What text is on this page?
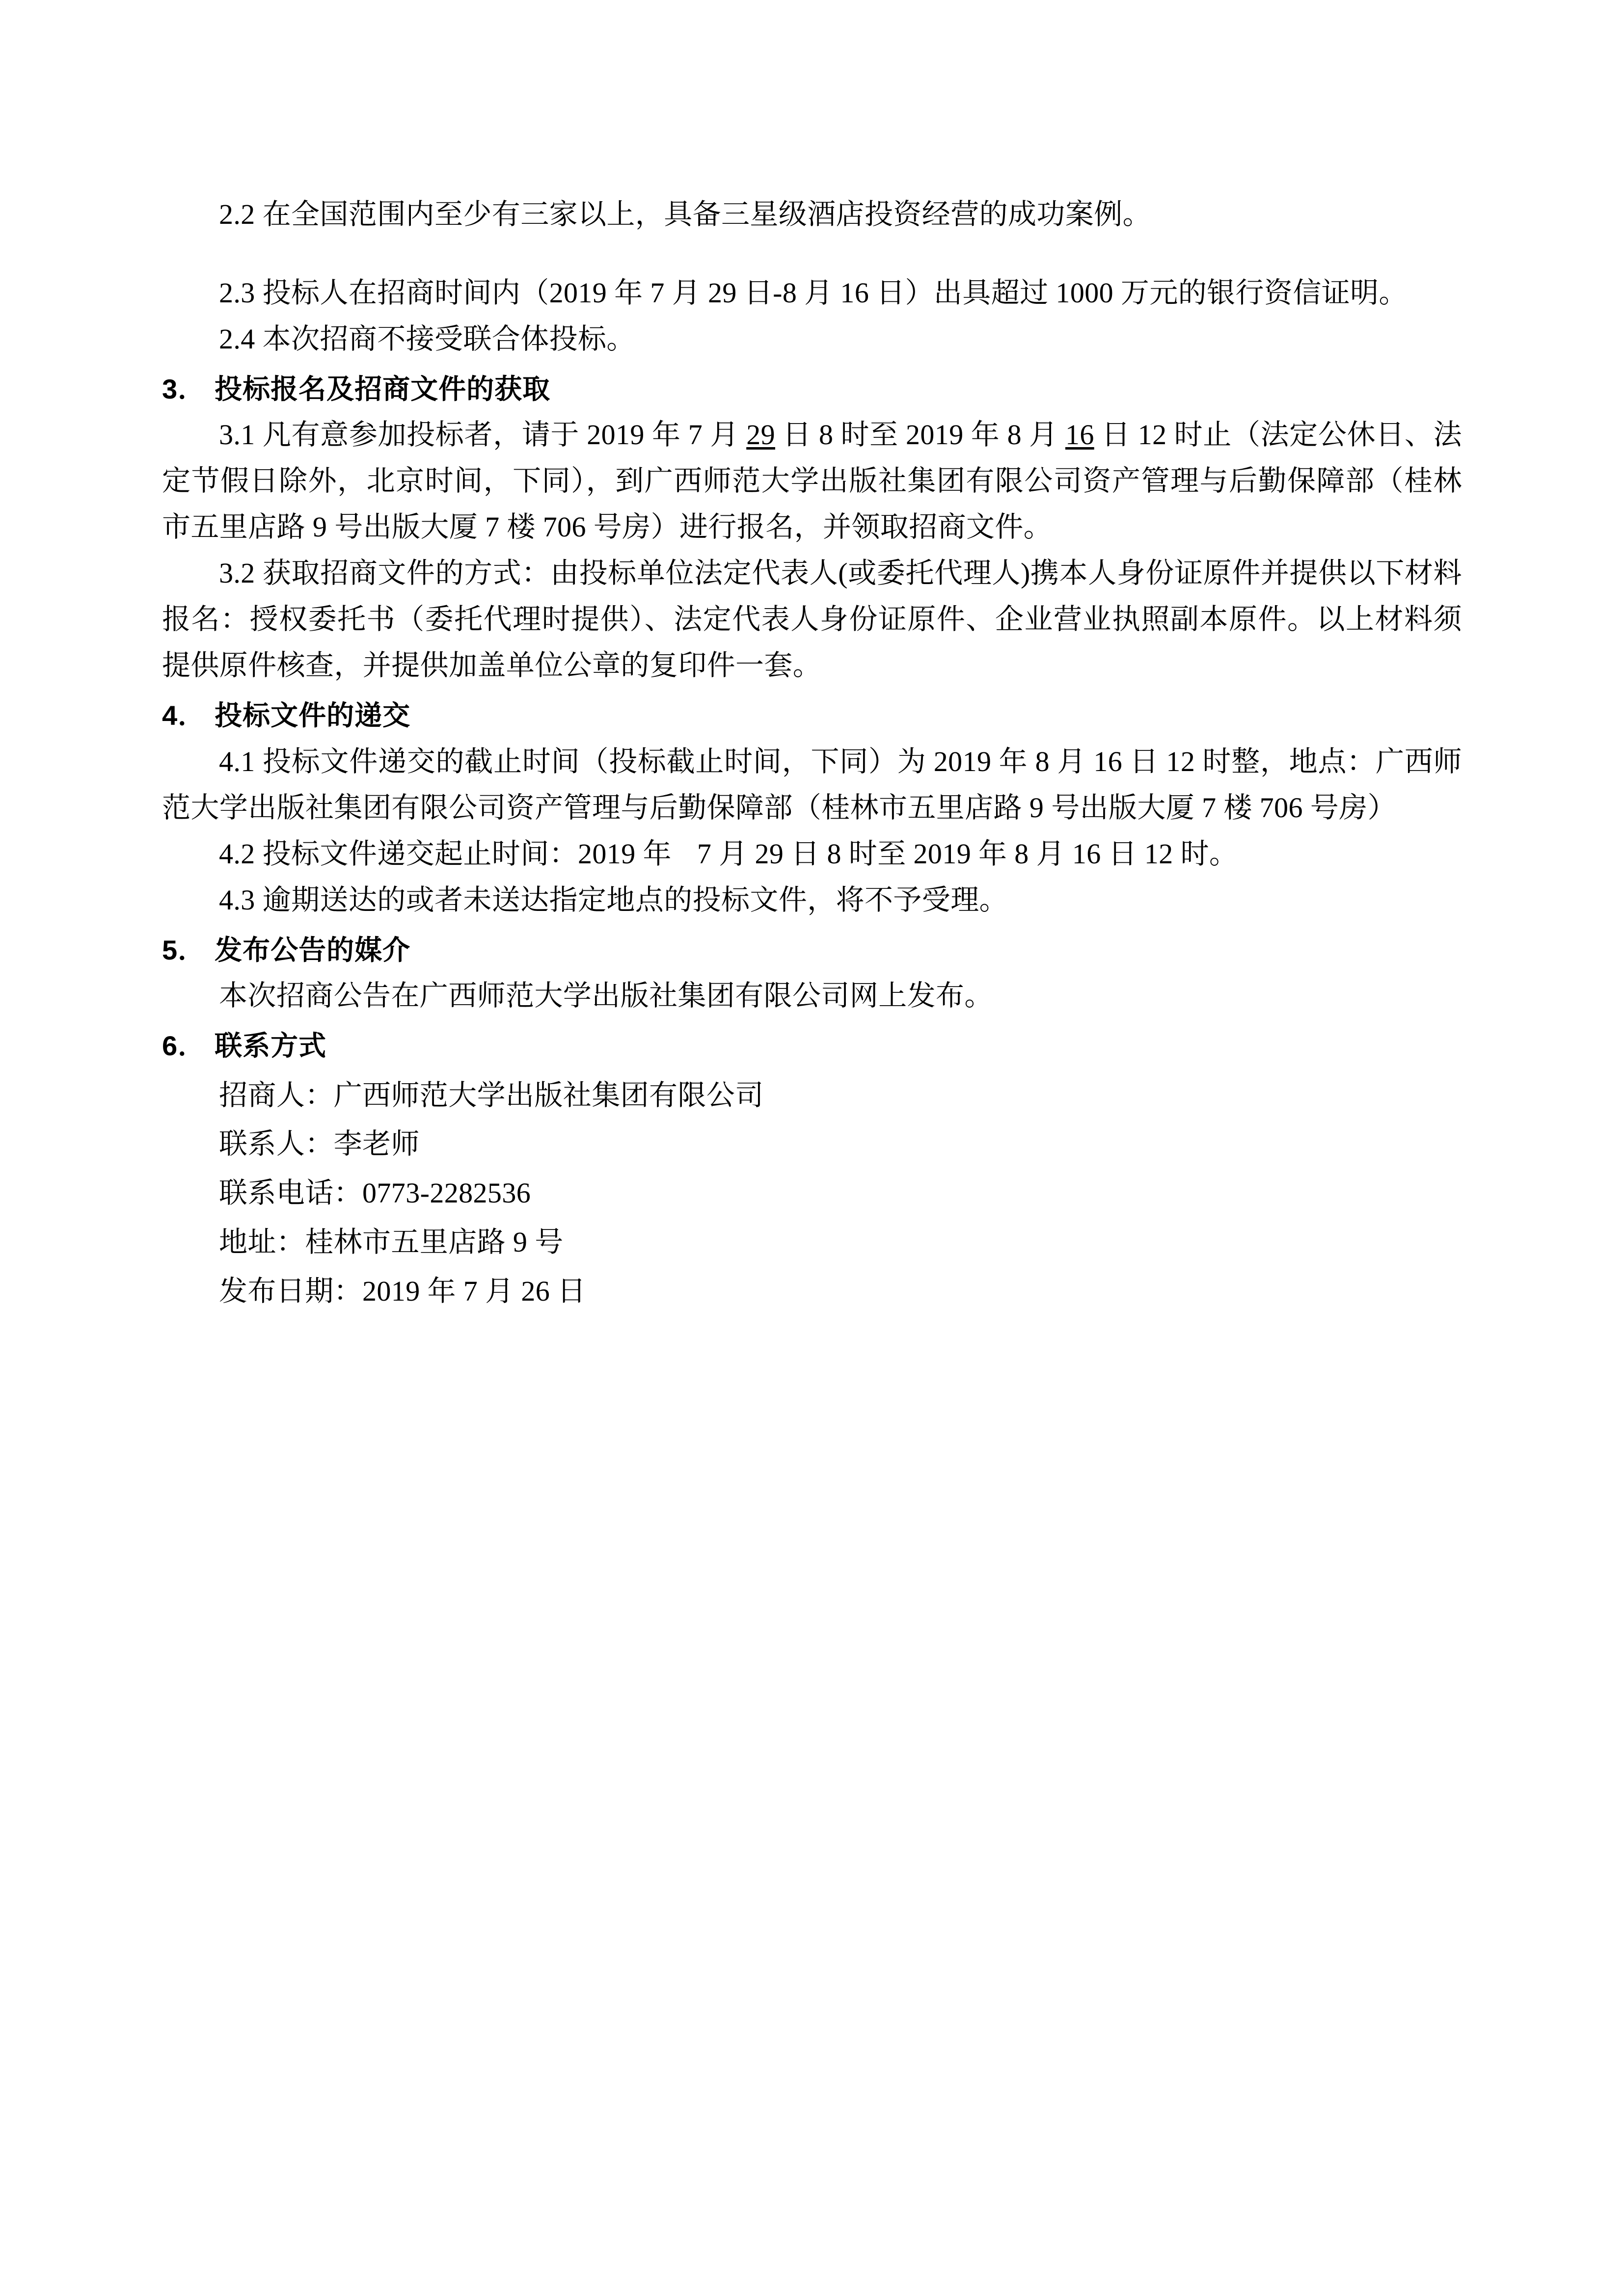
2.2 在全国范围内至少有三家以上，具备三星级酒店投资经营的成功案例。

2.3 投标人在招商时间内（2019 年 7 月 29 日-8 月 16 日）出具超过 1000 万元的银行资信证明。

2.4 本次招商不接受联合体投标。

3． 投标报名及招商文件的获取

3.1 凡有意参加投标者，请于 2019 年 7 月 29 日 8 时至 2019 年 8 月 16 日 12 时止（法定公休日、法定节假日除外，北京时间，下同），到广西师范大学出版社集团有限公司资产管理与后勤保障部（桂林市五里店路 9 号出版大厦 7 楼 706 号房）进行报名，并领取招商文件。

3.2 获取招商文件的方式：由投标单位法定代表人(或委托代理人)携本人身份证原件并提供以下材料报名：授权委托书（委托代理时提供）、法定代表人身份证原件、企业营业执照副本原件。以上材料须提供原件核查，并提供加盖单位公章的复印件一套。

4． 投标文件的递交

4.1 投标文件递交的截止时间（投标截止时间，下同）为 2019 年 8 月 16 日 12 时整，地点：广西师范大学出版社集团有限公司资产管理与后勤保障部（桂林市五里店路 9 号出版大厦 7 楼 706 号房）

4.2 投标文件递交起止时间：2019 年 7 月 29 日 8 时至 2019 年 8 月 16 日 12 时。

4.3 逾期送达的或者未送达指定地点的投标文件，将不予受理。

5． 发布公告的媒介

本次招商公告在广西师范大学出版社集团有限公司网上发布。

6． 联系方式

招商人：广西师范大学出版社集团有限公司

联系人：李老师

联系电话：0773-2282536

地址：桂林市五里店路 9 号

发布日期：2019 年 7 月 26 日
